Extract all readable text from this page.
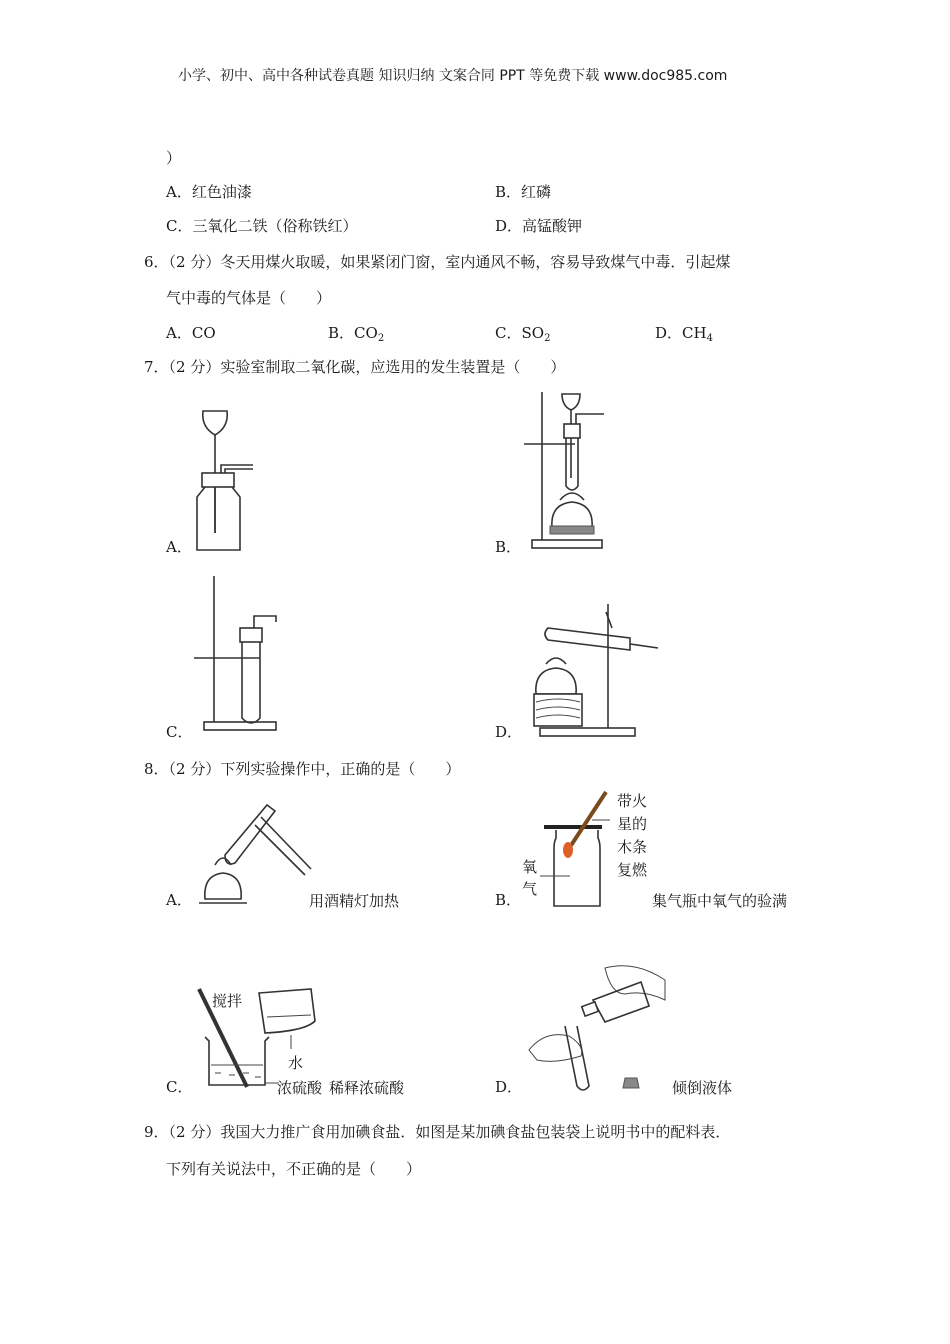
小学、初中、高中各种试卷真题 知识归纳 文案合同 PPT 等免费下载 www.doc985.com
）
A．红色油漆	B．红磷
C．三氧化二铁（俗称铁红）	D．高锰酸钾
6．（2 分）冬天用煤火取暖，如果紧闭门窗，室内通风不畅，容易导致煤气中毒．引起煤
气中毒的气体是（　　）
A．CO	B．$CO_2$	C．$SO_2$	D．$CH_4$
7．（2 分）实验室制取二氧化碳，应选用的发生装置是（　　）
A．	B．
C．	D．
8．（2 分）下列实验操作中，正确的是（　　）
A．	用酒精灯加热
带火
星的
木条
复燃
氧
气
B．	集气瓶中氧气的验满
搅拌
水
浓硫酸
C．	稀释浓硫酸	D．	倾倒液体
9．（2 分）我国大力推广食用加碘食盐．如图是某加碘食盐包装袋上说明书中的配料表．
下列有关说法中，不正确的是（　　）
